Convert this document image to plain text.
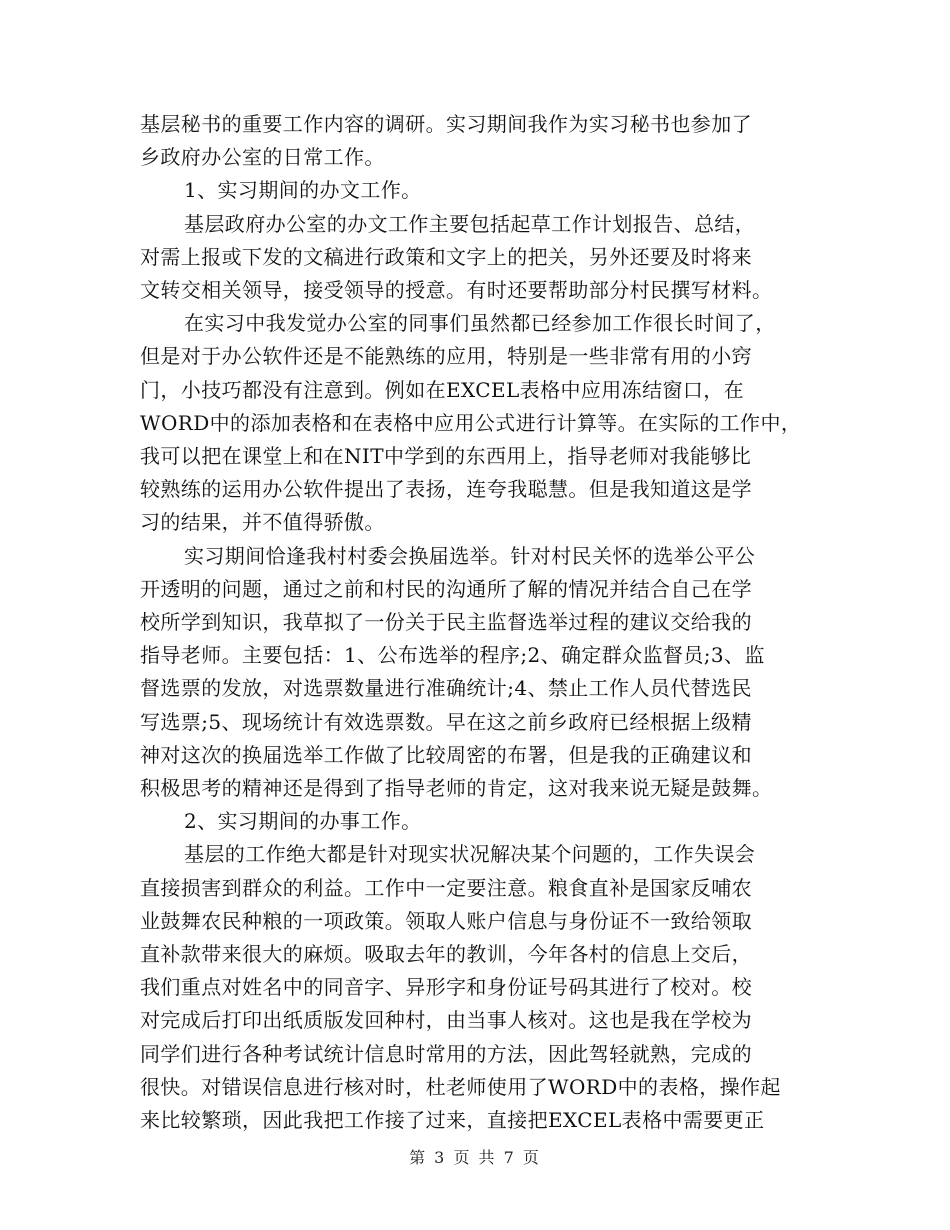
基层秘书的重要工作内容的调研。实习期间我作为实习秘书也参加了
乡政府办公室的日常工作。
1、实习期间的办文工作。
基层政府办公室的办文工作主要包括起草工作计划报告、总结，
对需上报或下发的文稿进行政策和文字上的把关，另外还要及时将来
文转交相关领导，接受领导的授意。有时还要帮助部分村民撰写材料。
在实习中我发觉办公室的同事们虽然都已经参加工作很长时间了，
但是对于办公软件还是不能熟练的应用，特别是一些非常有用的小窍
门，小技巧都没有注意到。例如在EXCEL表格中应用冻结窗口，在
WORD中的添加表格和在表格中应用公式进行计算等。在实际的工作中，
我可以把在课堂上和在NIT中学到的东西用上，指导老师对我能够比
较熟练的运用办公软件提出了表扬，连夸我聪慧。但是我知道这是学
习的结果，并不值得骄傲。
实习期间恰逢我村村委会换届选举。针对村民关怀的选举公平公
开透明的问题，通过之前和村民的沟通所了解的情况并结合自己在学
校所学到知识，我草拟了一份关于民主监督选举过程的建议交给我的
指导老师。主要包括：1、公布选举的程序;2、确定群众监督员;3、监
督选票的发放，对选票数量进行准确统计;4、禁止工作人员代替选民
写选票;5、现场统计有效选票数。早在这之前乡政府已经根据上级精
神对这次的换届选举工作做了比较周密的布署，但是我的正确建议和
积极思考的精神还是得到了指导老师的肯定，这对我来说无疑是鼓舞。
2、实习期间的办事工作。
基层的工作绝大都是针对现实状况解决某个问题的，工作失误会
直接损害到群众的利益。工作中一定要注意。粮食直补是国家反哺农
业鼓舞农民种粮的一项政策。领取人账户信息与身份证不一致给领取
直补款带来很大的麻烦。吸取去年的教训，今年各村的信息上交后，
我们重点对姓名中的同音字、异形字和身份证号码其进行了校对。校
对完成后打印出纸质版发回种村，由当事人核对。这也是我在学校为
同学们进行各种考试统计信息时常用的方法，因此驾轻就熟，完成的
很快。对错误信息进行核对时，杜老师使用了WORD中的表格，操作起
来比较繁琐，因此我把工作接了过来，直接把EXCEL表格中需要更正
第 3 页 共 7 页
